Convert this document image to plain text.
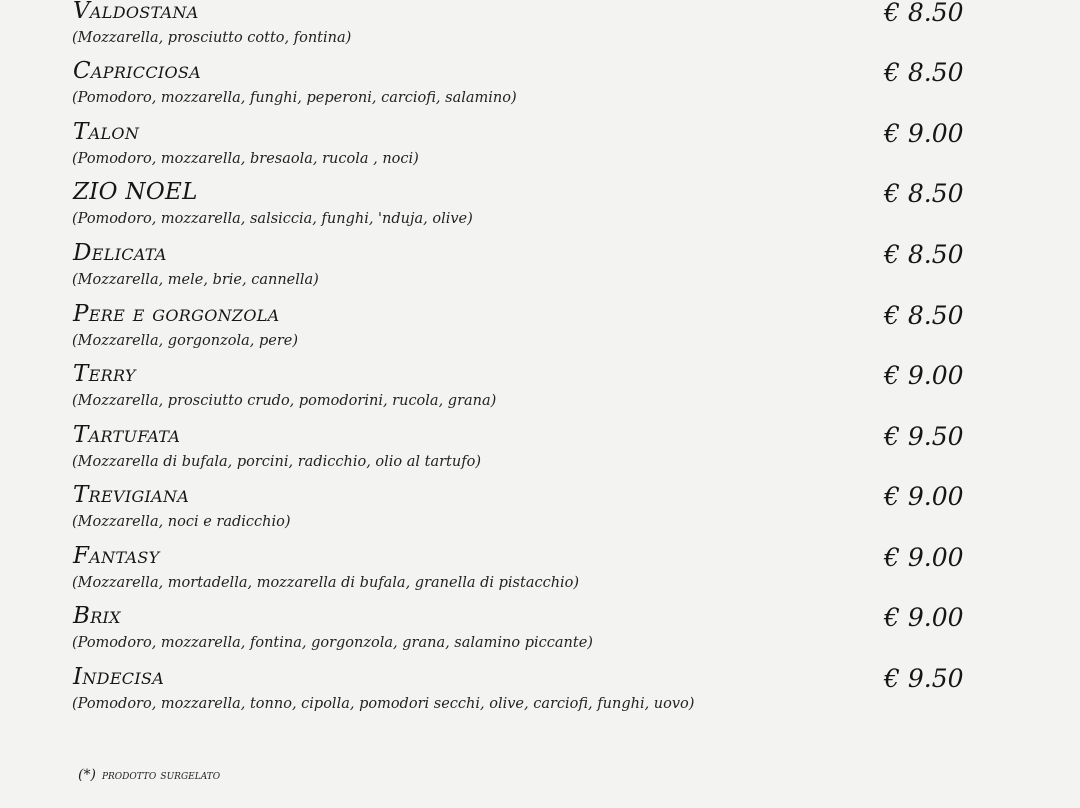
Valdostana	€ 8.50
(Mozzarella, prosciutto cotto, fontina)
Capricciosa	€ 8.50
(Pomodoro, mozzarella, funghi, peperoni, carciofi, salamino)
Talon	€ 9.00
(Pomodoro, mozzarella, bresaola, rucola , noci)
ZIO NOEL	€ 8.50
(Pomodoro, mozzarella, salsiccia, funghi, 'nduja, olive)
Delicata	€ 8.50
(Mozzarella, mele, brie, cannella)
Pere e gorgonzola	€ 8.50
(Mozzarella, gorgonzola, pere)
Terry	€ 9.00
(Mozzarella, prosciutto crudo, pomodorini, rucola, grana)
Tartufata	€ 9.50
(Mozzarella di bufala, porcini, radicchio, olio al tartufo)
Trevigiana	€ 9.00
(Mozzarella, noci e radicchio)
Fantasy	€ 9.00
(Mozzarella, mortadella, mozzarella di bufala, granella di pistacchio)
Brix	€ 9.00
(Pomodoro, mozzarella, fontina, gorgonzola, grana, salamino piccante)
Indecisa	€ 9.50
(Pomodoro, mozzarella, tonno, cipolla, pomodori secchi, olive, carciofi, funghi, uovo)
(*) prodotto surgelato
